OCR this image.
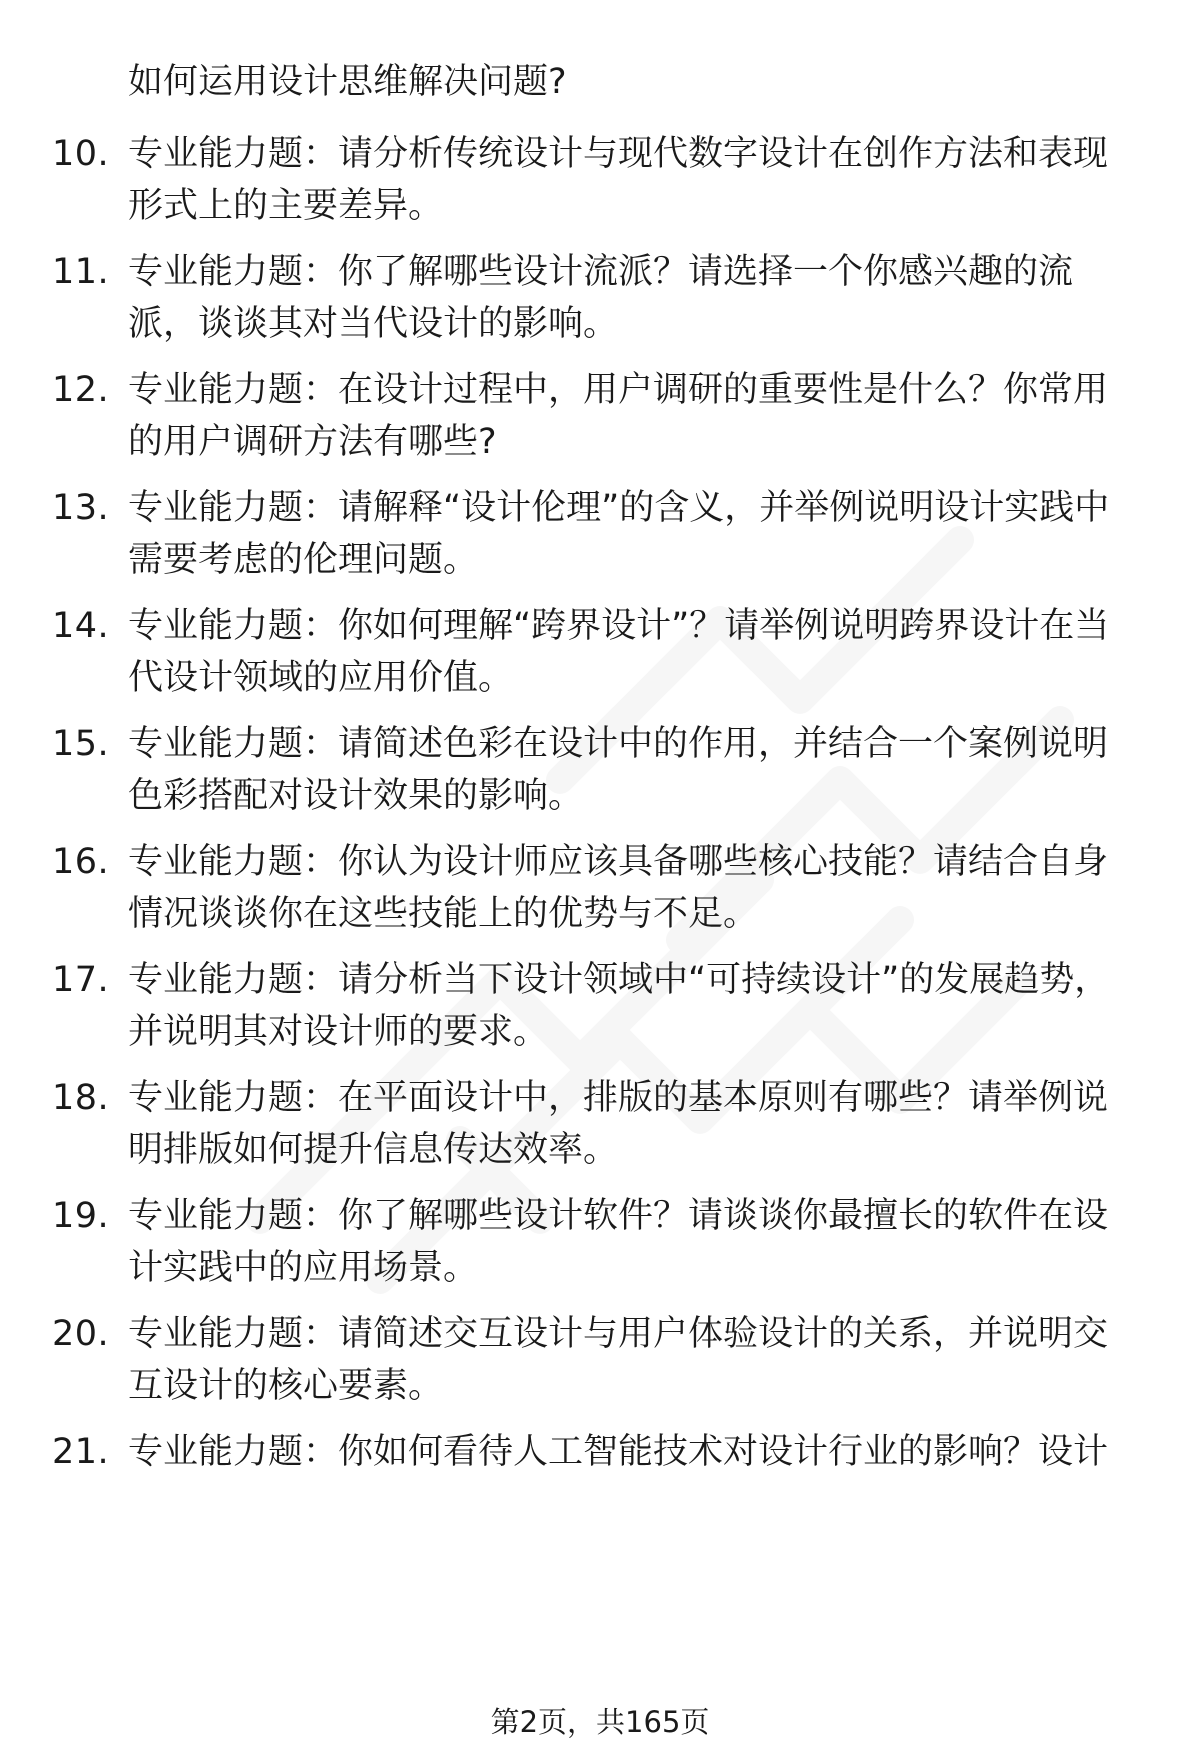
如何运用设计思维解决问题?
10. 专业能力题：请分析传统设计与现代数字设计在创作方法和表现形式上的主要差异。
11. 专业能力题：你了解哪些设计流派？请选择一个你感兴趣的流派，谈谈其对当代设计的影响。
12. 专业能力题：在设计过程中，用户调研的重要性是什么？你常用的用户调研方法有哪些?
13. 专业能力题：请解释“设计伦理”的含义，并举例说明设计实践中需要考虑的伦理问题。
14. 专业能力题：你如何理解“跨界设计”？请举例说明跨界设计在当代设计领域的应用价值。
15. 专业能力题：请简述色彩在设计中的作用，并结合一个案例说明色彩搭配对设计效果的影响。
16. 专业能力题：你认为设计师应该具备哪些核心技能？请结合自身情况谈谈你在这些技能上的优势与不足。
17. 专业能力题：请分析当下设计领域中“可持续设计”的发展趋势，并说明其对设计师的要求。
18. 专业能力题：在平面设计中，排版的基本原则有哪些？请举例说明排版如何提升信息传达效率。
19. 专业能力题：你了解哪些设计软件？请谈谈你最擅长的软件在设计实践中的应用场景。
20. 专业能力题：请简述交互设计与用户体验设计的关系，并说明交互设计的核心要素。
21. 专业能力题：你如何看待人工智能技术对设计行业的影响？设计
第2页，共165页
